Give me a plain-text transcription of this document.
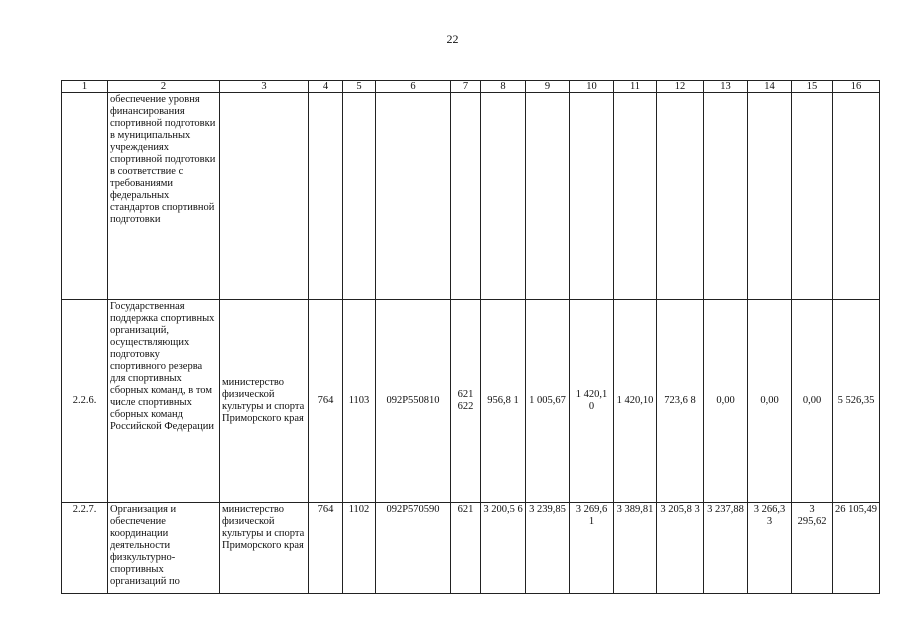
22
1	2	3	4	5	6	7	8	9	10	11	12	13	14	15	16
	обеспечение уровня финансирования спортивной подготовки в муниципальных учреждениях спортивной подготовки в соответствие с требованиями федеральных стандартов спортивной подготовки														
2.2.6.	Государственная поддержка спортивных организаций, осуществляющих подготовку спортивного резерва для спортивных сборных команд, в том числе спортивных сборных команд Российской Федерации	министерство физической культуры и спорта Приморского края	764	1103	092P550810	621 622	956,8 1	1 005,67	1 420,1 0	1 420,10	723,6 8	0,00	0,00	0,00	5 526,35
2.2.7.	Организация и обеспечение координации деятельности физкультурно-спортивных организаций по	министерство физической культуры и спорта Приморского края	764	1102	092P570590	621	3 200,5 6	3 239,85	3 269,6 1	3 389,81	3 205,8 3	3 237,88	3 266,3 3	3 295,62	26 105,49
